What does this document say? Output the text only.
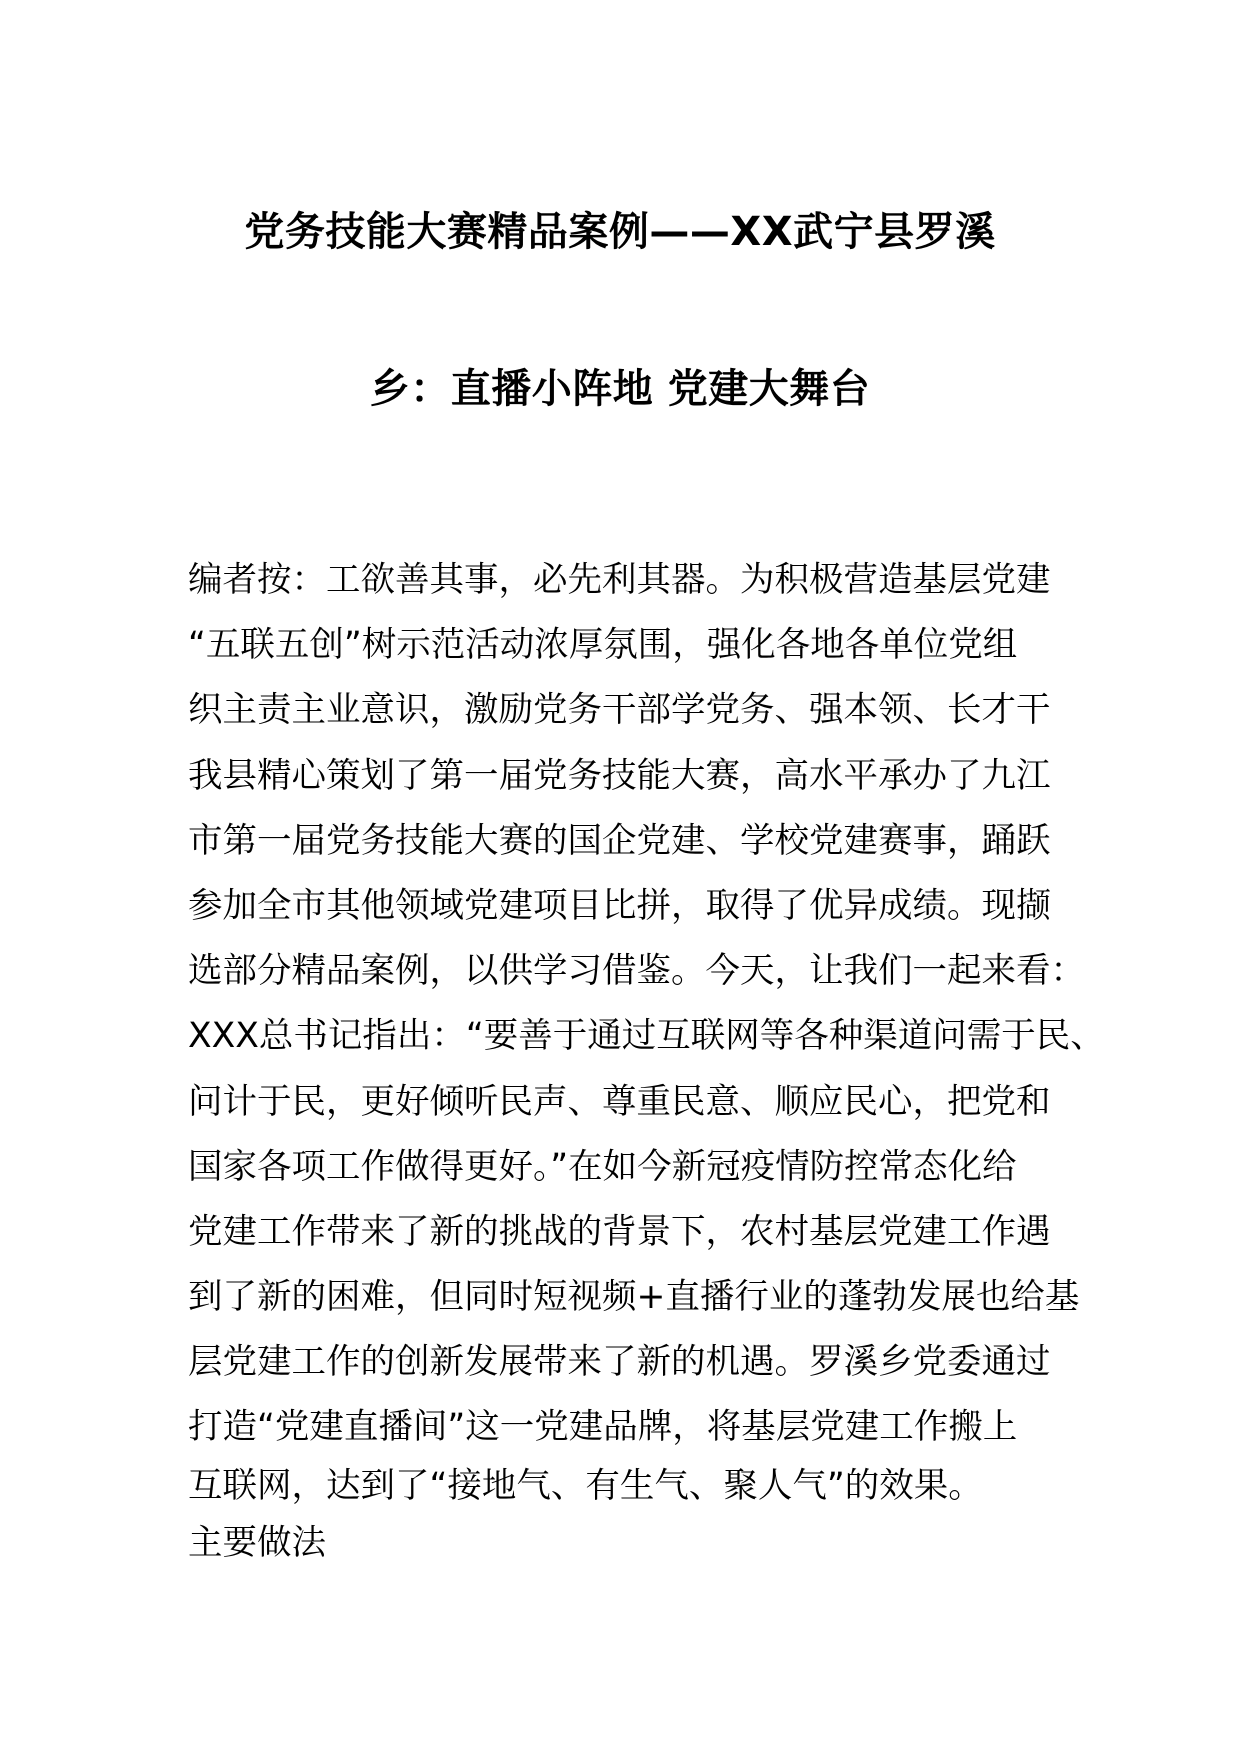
党务技能大赛精品案例——XX武宁县罗溪
乡：直播小阵地 党建大舞台
编者按：工欲善其事，必先利其器。为积极营造基层党建
“五联五创”树示范活动浓厚氛围，强化各地各单位党组
织主责主业意识，激励党务干部学党务、强本领、长才干
我县精心策划了第一届党务技能大赛，高水平承办了九江
市第一届党务技能大赛的国企党建、学校党建赛事，踊跃
参加全市其他领域党建项目比拼，取得了优异成绩。现撷
选部分精品案例，以供学习借鉴。今天，让我们一起来看：
XXX总书记指出：“要善于通过互联网等各种渠道问需于民、
问计于民，更好倾听民声、尊重民意、顺应民心，把党和
国家各项工作做得更好。”在如今新冠疫情防控常态化给
党建工作带来了新的挑战的背景下，农村基层党建工作遇
到了新的困难，但同时短视频+直播行业的蓬勃发展也给基
层党建工作的创新发展带来了新的机遇。罗溪乡党委通过
打造“党建直播间”这一党建品牌，将基层党建工作搬上
互联网，达到了“接地气、有生气、聚人气”的效果。
主要做法
